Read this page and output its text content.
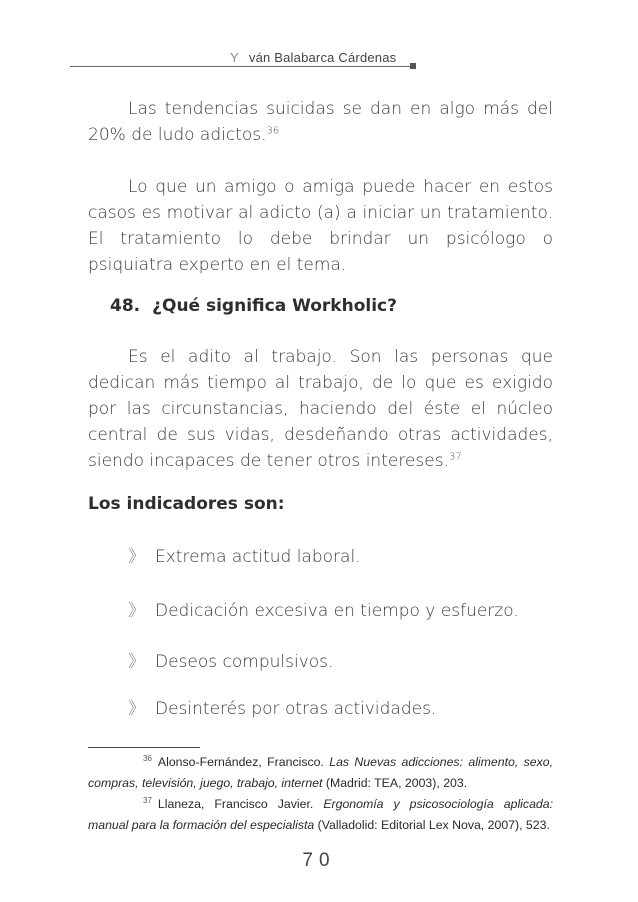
Y ván Balabarca Cárdenas

Las tendencias suicidas se dan en algo más del 20% de ludo adictos.$^{36}$

Lo que un amigo o amiga puede hacer en estos casos es motivar al adicto (a) a iniciar un tratamiento. El tratamiento lo debe brindar un psicólogo o psiquiatra experto en el tema.

48. ¿Qué significa Workholic?

Es el adito al trabajo. Son las personas que dedican más tiempo al trabajo, de lo que es exigido por las circunstancias, haciendo del éste el núcleo central de sus vidas, desdeñando otras actividades, siendo incapaces de tener otros intereses.$^{37}$

Los indicadores son:
》 Extrema actitud laboral.
》 Dedicación excesiva en tiempo y esfuerzo.
》 Deseos compulsivos.
》 Desinterés por otras actividades.

$^{36}$ Alonso-Fernández, Francisco. Las Nuevas adicciones: alimento, sexo, compras, televisión, juego, trabajo, internet (Madrid: TEA, 2003), 203.

$^{37}$ Llaneza, Francisco Javier. Ergonomía y psicosociología aplicada: manual para la formación del especialista (Valladolid: Editorial Lex Nova, 2007), 523.

70
